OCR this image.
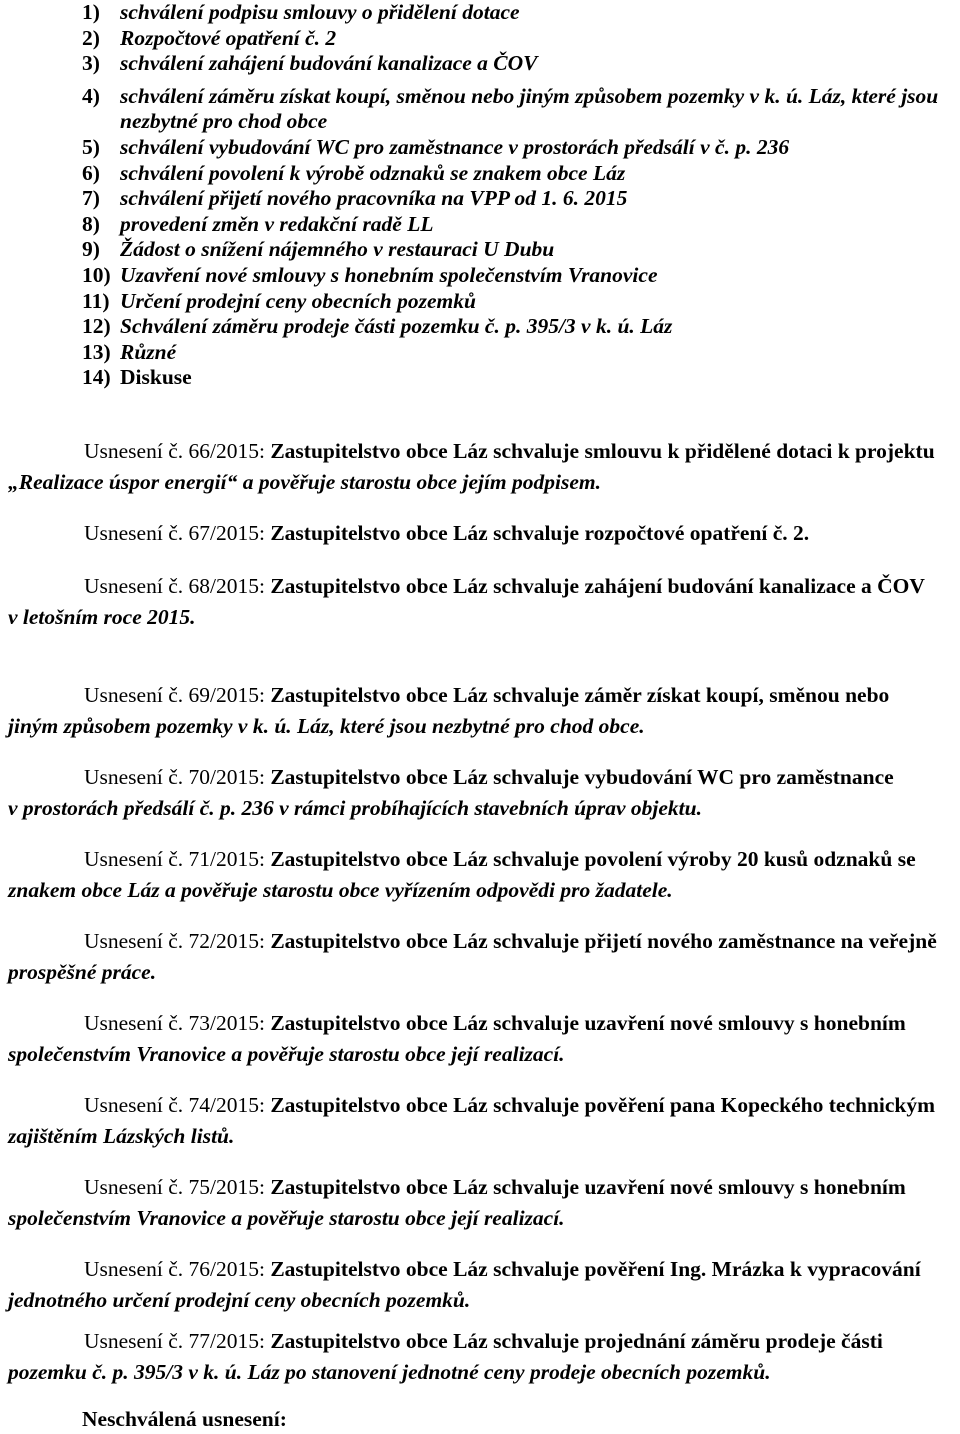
1) schválení podpisu smlouvy o přidělení dotace
2) Rozpočtové opatření č. 2
3) schválení zahájení budování kanalizace a ČOV
4) schválení záměru získat koupí, směnou nebo jiným způsobem pozemky v k. ú. Láz, které jsou nezbytné pro chod obce
5) schválení vybudování WC pro zaměstnance v prostorách předsálí v č. p. 236
6) schválení povolení k výrobě odznaků se znakem obce Láz
7) schválení přijetí nového pracovníka na VPP od 1. 6. 2015
8) provedení změn v redakční radě LL
9) Žádost o snížení nájemného v restauraci U Dubu
10) Uzavření nové smlouvy s honebním společenstvím Vranovice
11) Určení prodejní ceny obecních pozemků
12) Schválení záměru prodeje části pozemku č. p. 395/3 v k. ú. Láz
13) Různé
14) Diskuse

Usnesení č. 66/2015: Zastupitelstvo obce Láz schvaluje smlouvu k přidělené dotaci k projektu

„Realizace úspor energií“ a pověřuje starostu obce jejím podpisem.

Usnesení č. 67/2015: Zastupitelstvo obce Láz schvaluje rozpočtové opatření č. 2.

Usnesení č. 68/2015: Zastupitelstvo obce Láz schvaluje zahájení budování kanalizace a ČOV

v letošním roce 2015.

Usnesení č. 69/2015: Zastupitelstvo obce Láz schvaluje záměr získat koupí, směnou nebo

jiným způsobem pozemky v k. ú. Láz, které jsou nezbytné pro chod obce.

Usnesení č. 70/2015: Zastupitelstvo obce Láz schvaluje vybudování WC pro zaměstnance

v prostorách předsálí č. p. 236 v rámci probíhajících stavebních úprav objektu.

Usnesení č. 71/2015: Zastupitelstvo obce Láz schvaluje povolení výroby 20 kusů odznaků se

znakem obce Láz a pověřuje starostu obce vyřízením odpovědi pro žadatele.

Usnesení č. 72/2015: Zastupitelstvo obce Láz schvaluje přijetí nového zaměstnance na veřejně

prospěšné práce.

Usnesení č. 73/2015: Zastupitelstvo obce Láz schvaluje uzavření nové smlouvy s honebním

společenstvím Vranovice a pověřuje starostu obce její realizací.

Usnesení č. 74/2015: Zastupitelstvo obce Láz schvaluje pověření pana Kopeckého technickým

zajištěním Lázských listů.

Usnesení č. 75/2015: Zastupitelstvo obce Láz schvaluje uzavření nové smlouvy s honebním

společenstvím Vranovice a pověřuje starostu obce její realizací.

Usnesení č. 76/2015: Zastupitelstvo obce Láz schvaluje pověření Ing. Mrázka k vypracování

jednotného určení prodejní ceny obecních pozemků.

Usnesení č. 77/2015: Zastupitelstvo obce Láz schvaluje projednání záměru prodeje části

pozemku č. p. 395/3 v k. ú. Láz po stanovení jednotné ceny prodeje obecních pozemků.

Neschválená usnesení:
